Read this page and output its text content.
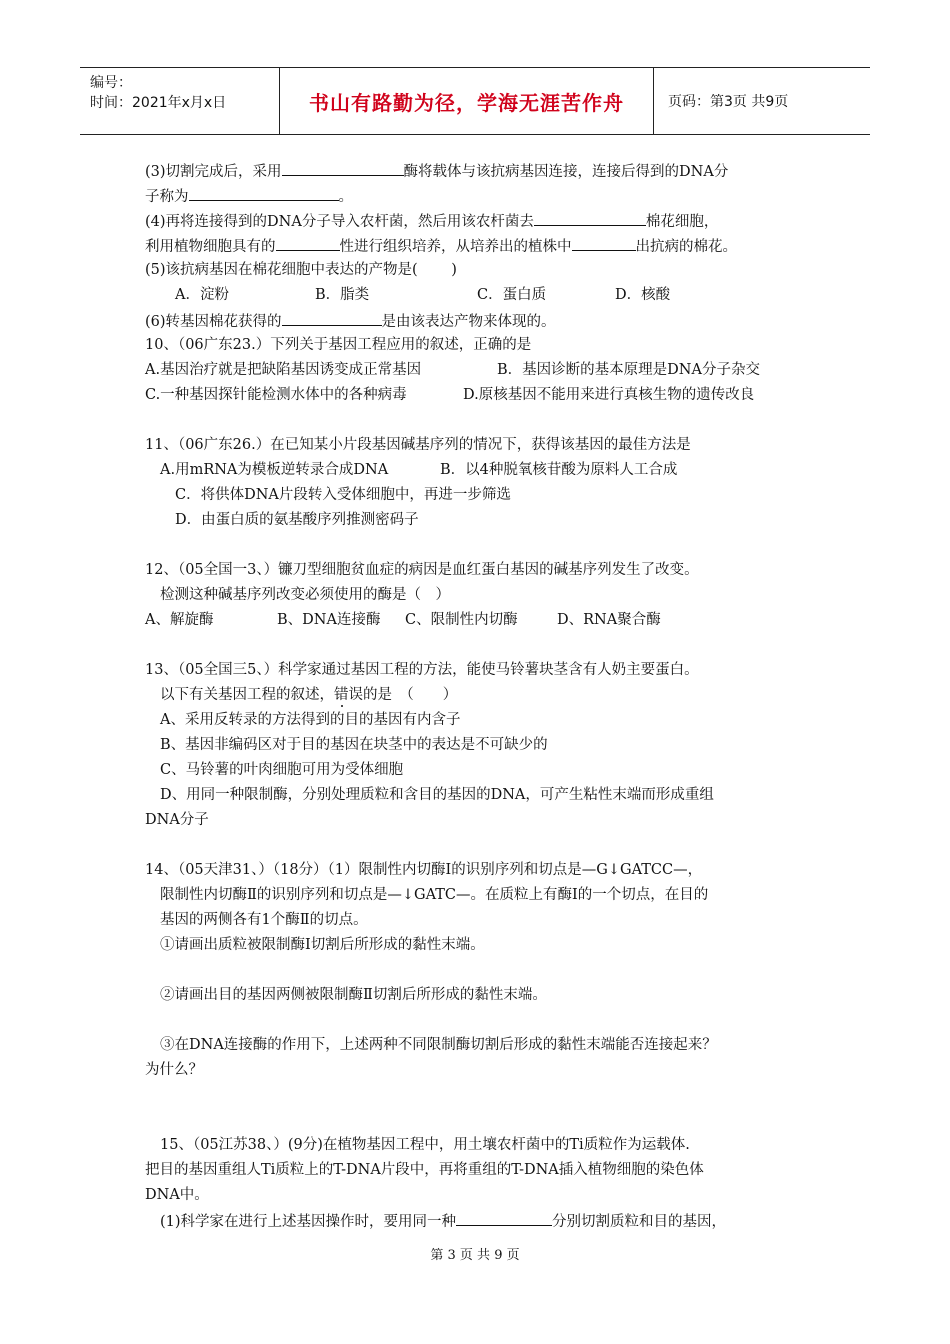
编号：
时间：2021年x月x日	书山有路勤为径，学海无涯苦作舟	页码：第3页 共9页
(3)切割完成后，采用	酶将载体与该抗病基因连接，连接后得到的DNA分
子称为	。
(4)再将连接得到的DNA分子导入农杆菌，然后用该农杆菌去	棉花细胞，
利用植物细胞具有的	性进行组织培养，从培养出的植株中	出抗病的棉花。
(5)该抗病基因在棉花细胞中表达的产物是(　　 )
A．淀粉	B．脂类	C．蛋白质	D．核酸
(6)转基因棉花获得的	是由该表达产物来体现的。
10、（06广东23.）下列关于基因工程应用的叙述，正确的是
A.基因治疗就是把缺陷基因诱变成正常基因	B．基因诊断的基本原理是DNA分子杂交
C.一种基因探针能检测水体中的各种病毒	D.原核基因不能用来进行真核生物的遗传改良
11、（06广东26.）在已知某小片段基因碱基序列的情况下，获得该基因的最佳方法是
A.用mRNA为模板逆转录合成DNA	B．以4种脱氧核苷酸为原料人工合成
C．将供体DNA片段转入受体细胞中，再进一步筛选
D．由蛋白质的氨基酸序列推测密码子
12、（05全国一3、）镰刀型细胞贫血症的病因是血红蛋白基因的碱基序列发生了改变。
检测这种碱基序列改变必须使用的酶是（　）
A、解旋酶	B、DNA连接酶 C、限制性内切酶	D、RNA聚合酶
13、（05全国三5、）科学家通过基因工程的方法，能使马铃薯块茎含有人奶主要蛋白。
以下有关基因工程的叙述，错误的是　（　　）
A、采用反转录的方法得到的目的基因有内含子
B、基因非编码区对于目的基因在块茎中的表达是不可缺少的
C、马铃薯的叶肉细胞可用为受体细胞
D、用同一种限制酶，分别处理质粒和含目的基因的DNA，可产生粘性末端而形成重组
DNA分子
14、（05天津31、）（18分）（1）限制性内切酶Ⅰ的识别序列和切点是—G↓GATCC—，
限制性内切酶Ⅱ的识别序列和切点是—↓GATC—。在质粒上有酶Ⅰ的一个切点，在目的
基因的两侧各有1个酶Ⅱ的切点。
①请画出质粒被限制酶Ⅰ切割后所形成的黏性末端。
②请画出目的基因两侧被限制酶Ⅱ切割后所形成的黏性末端。
③在DNA连接酶的作用下，上述两种不同限制酶切割后形成的黏性末端能否连接起来？
为什么？
15、（05江苏38、）(9分)在植物基因工程中，用土壤农杆菌中的Ti质粒作为运载体.
把目的基因重组人Ti质粒上的T-DNA片段中，再将重组的T-DNA插入植物细胞的染色体
DNA中。
(1)科学家在进行上述基因操作时，要用同一种	分别切割质粒和目的基因，
第 3 页 共 9 页
